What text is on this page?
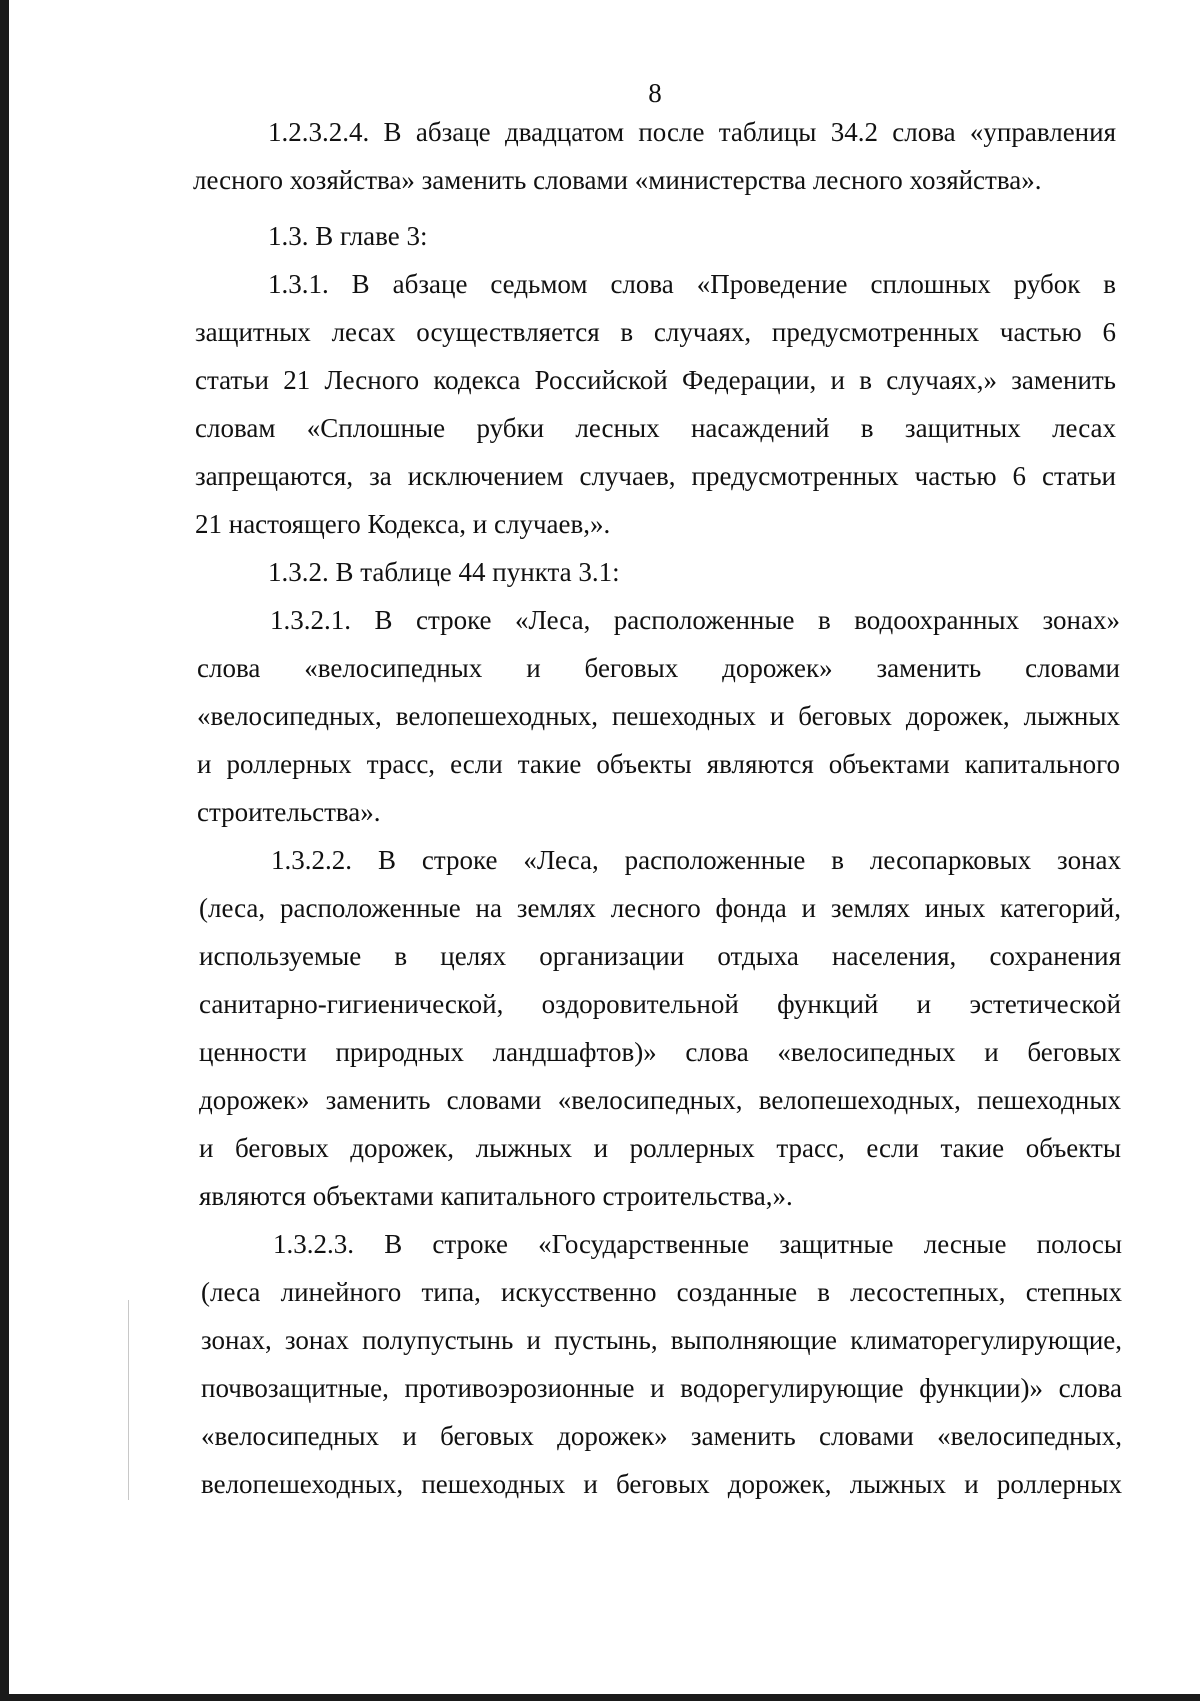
8
1.2.3.2.4. В абзаце двадцатом после таблицы 34.2 слова «управления
лесного хозяйства» заменить словами «министерства лесного хозяйства».
1.3. В главе 3:
1.3.1. В абзаце седьмом слова «Проведение сплошных рубок в
защитных лесах осуществляется в случаях, предусмотренных частью 6
статьи 21 Лесного кодекса Российской Федерации, и в случаях,» заменить
словам «Сплошные рубки лесных насаждений в защитных лесах
запрещаются, за исключением случаев, предусмотренных частью 6 статьи
21 настоящего Кодекса, и случаев,».
1.3.2. В таблице 44 пункта 3.1:
1.3.2.1. В строке «Леса, расположенные в водоохранных зонах»
слова «велосипедных и беговых дорожек» заменить словами
«велосипедных, велопешеходных, пешеходных и беговых дорожек, лыжных
и роллерных трасс, если такие объекты являются объектами капитального
строительства».
1.3.2.2. В строке «Леса, расположенные в лесопарковых зонах
(леса, расположенные на землях лесного фонда и землях иных категорий,
используемые в целях организации отдыха населения, сохранения
санитарно-гигиенической, оздоровительной функций и эстетической
ценности природных ландшафтов)» слова «велосипедных и беговых
дорожек» заменить словами «велосипедных, велопешеходных, пешеходных
и беговых дорожек, лыжных и роллерных трасс, если такие объекты
являются объектами капитального строительства,».
1.3.2.3. В строке «Государственные защитные лесные полосы
(леса линейного типа, искусственно созданные в лесостепных, степных
зонах, зонах полупустынь и пустынь, выполняющие климаторегулирующие,
почвозащитные, противоэрозионные и водорегулирующие функции)» слова
«велосипедных и беговых дорожек» заменить словами «велосипедных,
велопешеходных, пешеходных и беговых дорожек, лыжных и роллерных
